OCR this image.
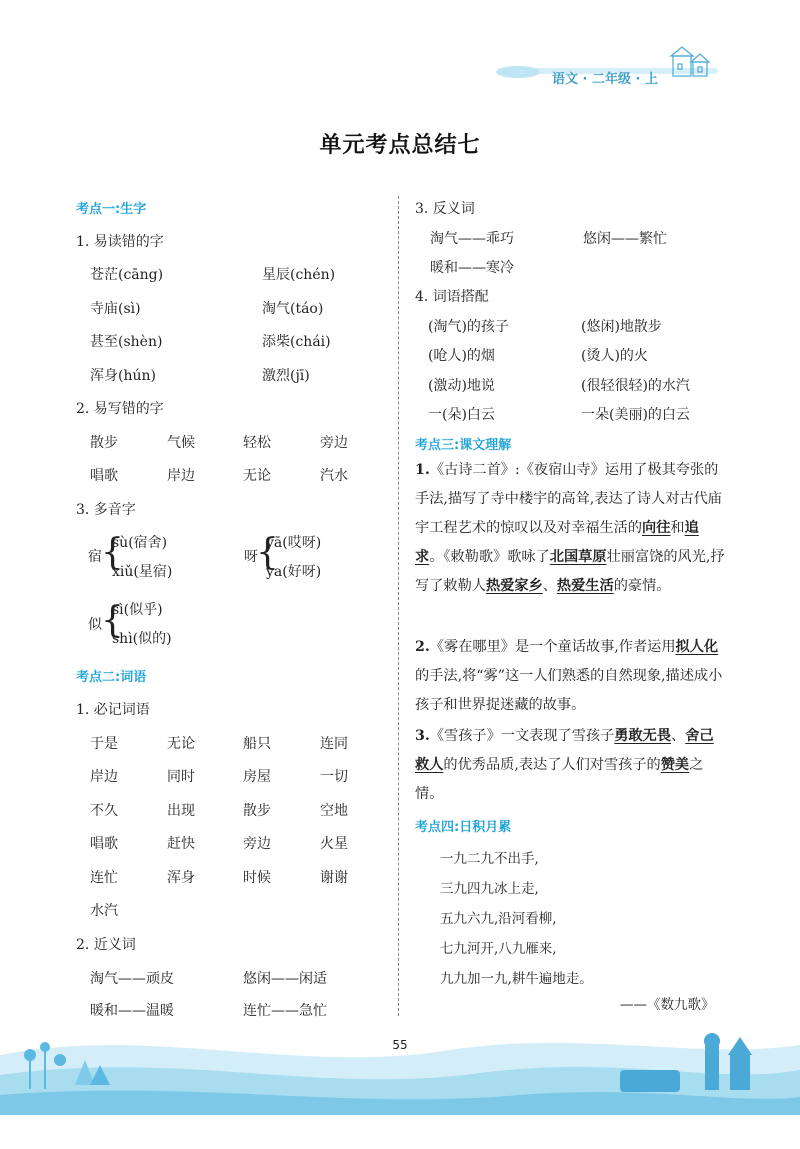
语文 · 二年级 · 上
单元考点总结七
考点一:生字
1. 易读错的字
苍茫(cāng)	星辰(chén)
寺庙(sì)	淘气(táo)
甚至(shèn)	添柴(chái)
浑身(hún)	激烈(jī)
2. 易写错的字
散步	气候	轻松	旁边
唱歌	岸边	无论	汽水
3. 多音字
宿 {
sù(宿舍)
xiǔ(星宿)
呀
{
yā(哎呀)
ya(好呀)
似 {
sì(似乎)
shì(似的)
考点二:词语
1. 必记词语
于是	无论	船只	连同
岸边	同时	房屋	一切
不久	出现	散步	空地
唱歌	赶快	旁边	火星
连忙	浑身	时候	谢谢
水汽
2. 近义词
淘气——顽皮	悠闲——闲适
暖和——温暖	连忙——急忙
3. 反义词
淘气——乖巧	悠闲——繁忙
暖和——寒冷
4. 词语搭配
(淘气)的孩子	(悠闲)地散步
(呛人)的烟	(烫人)的火
(激动)地说	(很轻很轻)的水汽
一(朵)白云	一朵(美丽)的白云
考点三:课文理解
1.《古诗二首》:《夜宿山寺》运用了极其夸张的手法,描写了寺中楼宇的高耸,表达了诗人对古代庙宇工程艺术的惊叹以及对幸福生活的向往和追求。《敕勒歌》歌咏了北国草原壮丽富饶的风光,抒写了敕勒人热爱家乡、热爱生活的豪情。
2.《雾在哪里》是一个童话故事,作者运用拟人化的手法,将“雾”这一人们熟悉的自然现象,描述成小孩子和世界捉迷藏的故事。
3.《雪孩子》一文表现了雪孩子勇敢无畏、舍己救人的优秀品质,表达了人们对雪孩子的赞美之情。
考点四:日积月累
一九二九不出手,
三九四九冰上走,
五九六九,沿河看柳,
七九河开,八九雁来,
九九加一九,耕牛遍地走。
——《数九歌》
55
